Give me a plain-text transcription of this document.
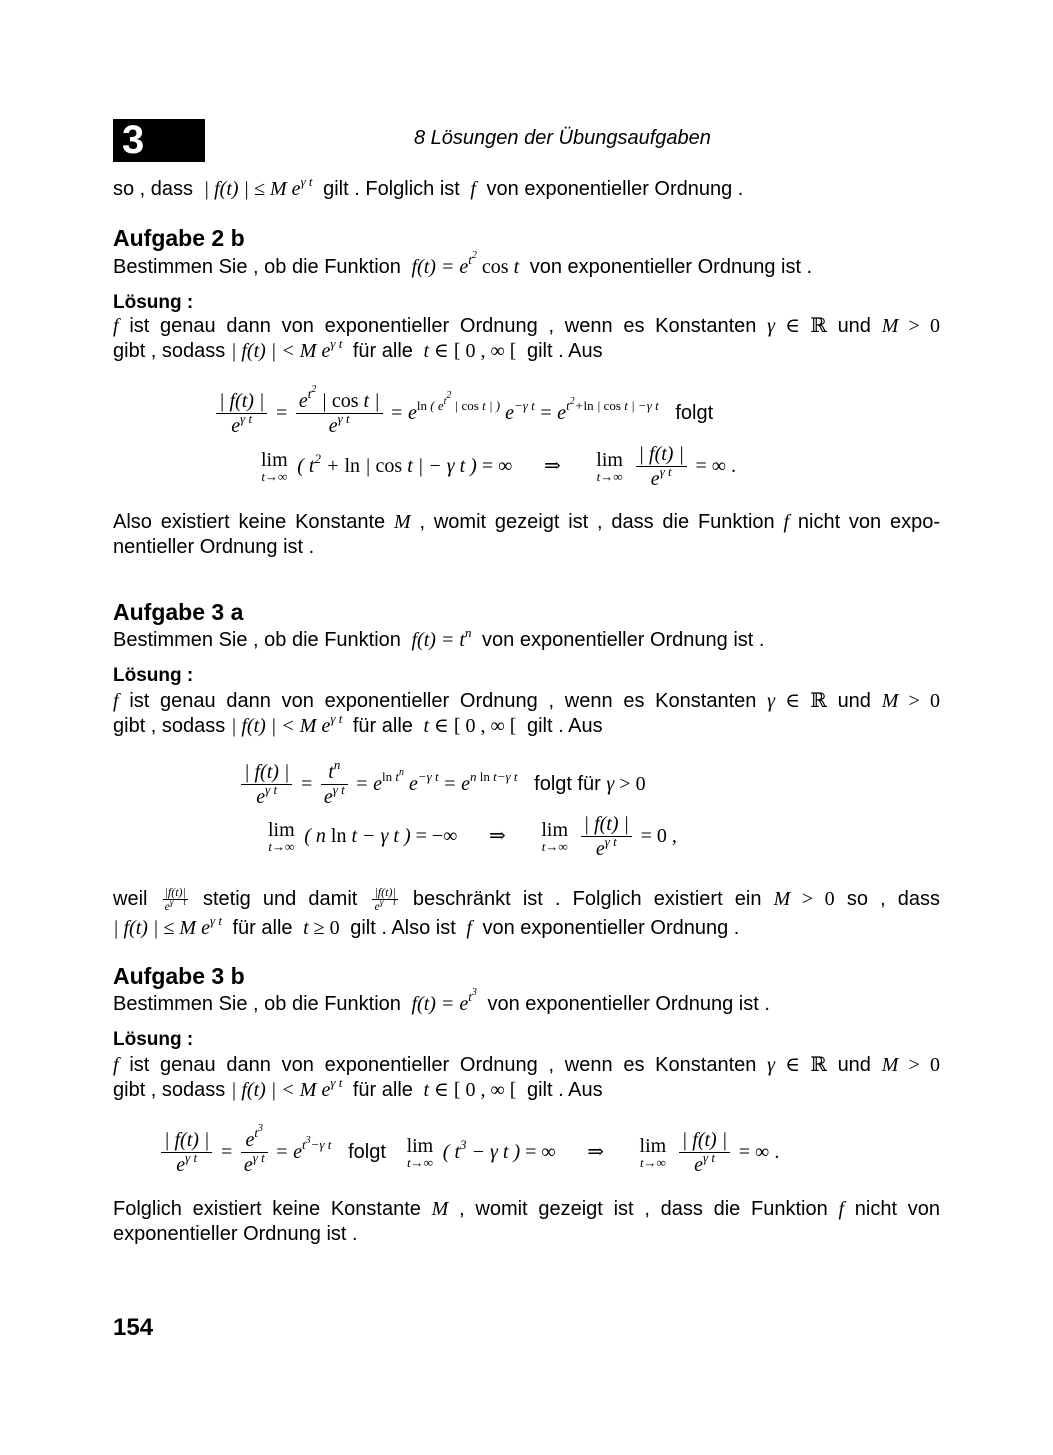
3	8 Lösungen der Übungsaufgaben
so , dass  | f(t) | ≤ M $e^{\gamma t}$ gilt . Folglich ist  f  von exponentieller Ordnung .
Aufgabe 2 b
Bestimmen Sie , ob die Funktion  $f(t) = e^{t^2}$ cos t  von exponentieller Ordnung ist .
Lösung :
f ist genau dann von exponentieller Ordnung , wenn es Konstanten γ ∈ ℝ und M > 0
gibt , sodass | f(t) | < M $e^{\gamma t}$ für alle  t ∈ [ 0 , ∞ [ gilt . Aus
$\frac{| f(t) |}{e^{\gamma t}} = \frac{e^{t^2} | \cos t |}{e^{\gamma t}} = e^{ln ( e^{t^2} | cos t | )}$ $e^{-\gamma t} = e^{t^2+ln | cos t | -\gamma t}$ folgt
lim
t→∞ ( $t^2 + \ln$ | cos t | − γ t ) = ∞ ⇒ lim
t→∞
$\frac{| f(t) |}{e^{\gamma t}}$ = ∞ .
Also existiert keine Konstante M , womit gezeigt ist , dass die Funktion f nicht von expo-
nentieller Ordnung ist .
Aufgabe 3 a
Bestimmen Sie , ob die Funktion  $f(t) = t^n$ von exponentieller Ordnung ist .
Lösung :
f ist genau dann von exponentieller Ordnung , wenn es Konstanten γ ∈ ℝ und M > 0
gibt , sodass | f(t) | < M $e^{\gamma t}$ für alle  t ∈ [ 0 , ∞ [ gilt . Aus
$\frac{| f(t) |}{e^{\gamma t}} = \frac{t^n}{e^{\gamma t}} = e^{ln t^n}$ $e^{-\gamma t} = e^{n ln t-\gamma t}$ folgt für γ > 0
lim
t→∞ ( n ln t − γ t ) = −∞ ⇒ lim
t→∞
$\frac{| f(t) |}{e^{\gamma t}} = 0$ ,
weil $\frac{|f(t)|}{e^{\gamma t}}$ stetig und damit $\frac{|f(t)|}{e^{\gamma t}}$ beschränkt ist . Folglich existiert ein M > 0 so , dass
| f(t) | ≤ M $e^{\gamma t}$ für alle  t ≥ 0 gilt . Also ist  f  von exponentieller Ordnung .
Aufgabe 3 b
Bestimmen Sie , ob die Funktion  $f(t) = e^{t^3}$  von exponentieller Ordnung ist .
Lösung :
f ist genau dann von exponentieller Ordnung , wenn es Konstanten γ ∈ ℝ und M > 0
gibt , sodass | f(t) | < M $e^{\gamma t}$ für alle  t ∈ [ 0 , ∞ [ gilt . Aus
$\frac{| f(t) |}{e^{\gamma t}} = \frac{e^{t^3}}{e^{\gamma t}} = e^{t^3-\gamma t}$ folgt lim
t→∞ ( $t^3 - \gamma$ t ) = ∞ ⇒ lim
t→∞
$\frac{| f(t) |}{e^{\gamma t}}$ = ∞ .
Folglich existiert keine Konstante M , womit gezeigt ist , dass die Funktion f nicht von
exponentieller Ordnung ist .
154
